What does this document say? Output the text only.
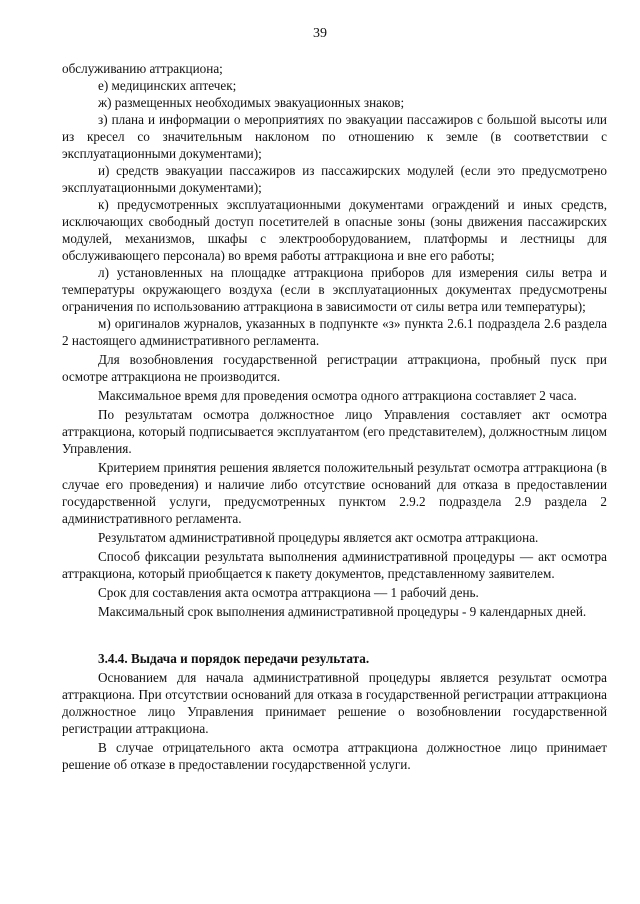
39

обслуживанию аттракциона;

е) медицинских аптечек;

ж) размещенных необходимых эвакуационных знаков;

з) плана и информации о мероприятиях по эвакуации пассажиров с большой высоты или из кресел со значительным наклоном по отношению к земле (в соответствии с эксплуатационными документами);

и) средств эвакуации пассажиров из пассажирских модулей (если это предусмотрено эксплуатационными документами);

к) предусмотренных эксплуатационными документами ограждений и иных средств, исключающих свободный доступ посетителей в опасные зоны (зоны движения пассажирских модулей, механизмов, шкафы с электрооборудованием, платформы и лестницы для обслуживающего персонала) во время работы аттракциона и вне его работы;

л) установленных на площадке аттракциона приборов для измерения силы ветра и температуры окружающего воздуха (если в эксплуатационных документах предусмотрены ограничения по использованию аттракциона в зависимости от силы ветра или температуры);

м) оригиналов журналов, указанных в подпункте «з» пункта 2.6.1 подраздела 2.6 раздела 2 настоящего административного регламента.

Для возобновления государственной регистрации аттракциона, пробный пуск при осмотре аттракциона не производится.

Максимальное время для проведения осмотра одного аттракциона составляет 2 часа.

По результатам осмотра должностное лицо Управления составляет акт осмотра аттракциона, который подписывается эксплуатантом (его представителем), должностным лицом Управления.

Критерием принятия решения является положительный результат осмотра аттракциона (в случае его проведения) и наличие либо отсутствие оснований для отказа в предоставлении государственной услуги, предусмотренных пунктом 2.9.2 подраздела 2.9 раздела 2 административного регламента.

Результатом административной процедуры является акт осмотра аттракциона.

Способ фиксации результата выполнения административной процедуры — акт осмотра аттракциона, который приобщается к пакету документов, представленному заявителем.

Срок для составления акта осмотра аттракциона — 1 рабочий день.

Максимальный срок выполнения административной процедуры - 9 календарных дней.

3.4.4. Выдача и порядок передачи результата.

Основанием для начала административной процедуры является результат осмотра аттракциона. При отсутствии оснований для отказа в государственной регистрации аттракциона должностное лицо Управления принимает решение о возобновлении государственной регистрации аттракциона.

В случае отрицательного акта осмотра аттракциона должностное лицо принимает решение об отказе в предоставлении государственной услуги.
